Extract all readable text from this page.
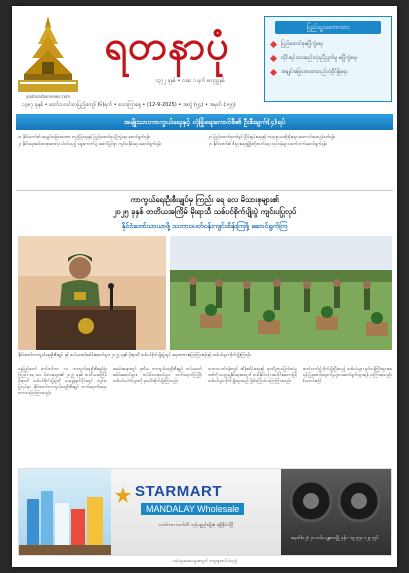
yadanarbonnews.com
ရတနာပုံ
၁၃၇၂ ခုနှစ် • လဆ ၁ ရက် စတုတ္ထနှစ်
၁၃၈၇ ခုနှစ် • တော်သလင်းလပြည့်ကျော် (၆)ရက် • သောကြာနေ့ • (12-9-2025) • အတွဲ (၅၄) • အမှတ် (၁၅၅)
ပြည်သူ့သဘောထား
ပြည်ထောင်စုမပြိုကွဲရေး
တိုင်းရင်းသားစည်းလုံးညီညွတ်မှု မပြိုကွဲရေး
အချုပ်အခြာအာဏာတည်တံ့ခိုင်မြဲရေး
အမျိုးသားကာကွယ်ရေးနှင့် လုံခြုံရေးကောင်စီ၏ ဦးစီးချက်(၄)ရပ်

၁။ နိုင်ငံတော်၏ အချုပ်အခြာအာဏာ တည်မြဲရေးနှင့် ပြည်ထောင်စုမပြိုကွဲရေး ဆောင်ရွက်ရန်။

၂။ နိုင်ငံရေးအင်အားစုအားလုံး ပါဝင်သည့် ရွေးကောက်ပွဲ အောင်မြင်စွာ ကျင်းပနိုင်ရေး ဆောင်ရွက်ရန်။

၃။ ပြည်ထောင်စုတစ်ခွင် ငြိမ်းချမ်းရေးနှင့် တရားဥပဒေစိုးမိုးရေး အကောင်အထည်ဖော်ရန်။

၄။ နိုင်ငံတော်၏ စီးပွားရေးဖွံ့ဖြိုးတိုးတက်ရေး လုပ်ငန်းများ ဆက်လက်ဆောင်ရွက်ရန်။

ကာကွယ်ရေးဦးစီးချုပ်မှ ကြည်း ရေ လေ မိသားစုများ၏
၂၀၂၅ ခုနှစ် တတိယအကြိမ် မိုးရာသီ သစ်ပင်စိုက်ပျိုးပွဲ ကျင်းပပြုလုပ်
နိုင်ငံတော်သာယာဖို့ သဘာဝပတ်ဝန်းကျင်ထိန်းကြဖို့ ဆောင်ရွက်ကြ
နိုင်ငံတော်ကာကွယ်ရေးဦးစီးချုပ် နှင့် တပ်မတော်ခေါင်းဆောင်များ ၂၀၂၅ ခုနှစ် မိုးရာသီ သစ်ပင်စိုက်ပျိုးပွဲတွင် အမှာစကားပြောကြားစဉ်နှင့် သစ်ပင်များ စိုက်ပျိုးကြစဉ်။
နေပြည်တော် စက်တင်ဘာ ၁၁ ကာကွယ်ရေးဦးစီးချုပ်ရုံး ကြည်း ရေ လေ မိသားစုများ၏ ၂၀၂၅ ခုနှစ် တတိယအကြိမ် မိုးရာသီ သစ်ပင်စိုက်ပျိုးပွဲကို ယနေ့နံနက်ပိုင်းတွင် ကျင်းပပြုလုပ်ရာ နိုင်ငံတော်ကာကွယ်ရေးဦးစီးချုပ် တက်ရောက်အမှာစကား ပြောကြားသည်။
အခမ်းအနားတွင် ဒုတိယ ကာကွယ်ရေးဦးစီးချုပ် တပ်မတော်ခေါင်းဆောင်များ၊ တပ်မိသားစုဝင်များ တက်ရောက်ကြပြီး သစ်ပင်ပေါက်များကို စုပေါင်းစိုက်ပျိုးကြသည်။
သဘာဝပတ်ဝန်းကျင် ထိန်းသိမ်းရေးနှင့် ရာသီဥတုပြောင်းလဲမှု ဒဏ်ကို လျော့ချနိုင်ရေးအတွက် တစ်နိုင်ငံလုံး အတိုင်းအတာဖြင့် သစ်ပင်များ စိုက်ပျိုးသွားမည် ဖြစ်ကြောင်း ပြောကြားသည်။
ဆက်လက်၍ စိုက်ပျိုးပြီးသည့် သစ်ပင်များ ရှင်သန်ကြီးထွားစေရန် ပြုစုစောင့်ရှောက်မှုများ ဆောင်ရွက်သွားရန် မှာကြားခဲ့သည်။ (သတင်းစဉ်)
STARMART
MANDALAY Wholesale
လက်ကား လက်လီ ကုန်ပစ္စည်းမျိုးစုံ ရရှိနိုင်ပါပြီ
အမှတ်(၁၂)၊ ၇၈ လမ်း၊ မန္တလေးမြို့ ဖုန်း - ၀၉ ၄၅၀ ၁၂၃ ၄၅၆
ဝယ်ယူအားပေးမှုအတွက် ကျေးဇူးတင်ပါသည်
